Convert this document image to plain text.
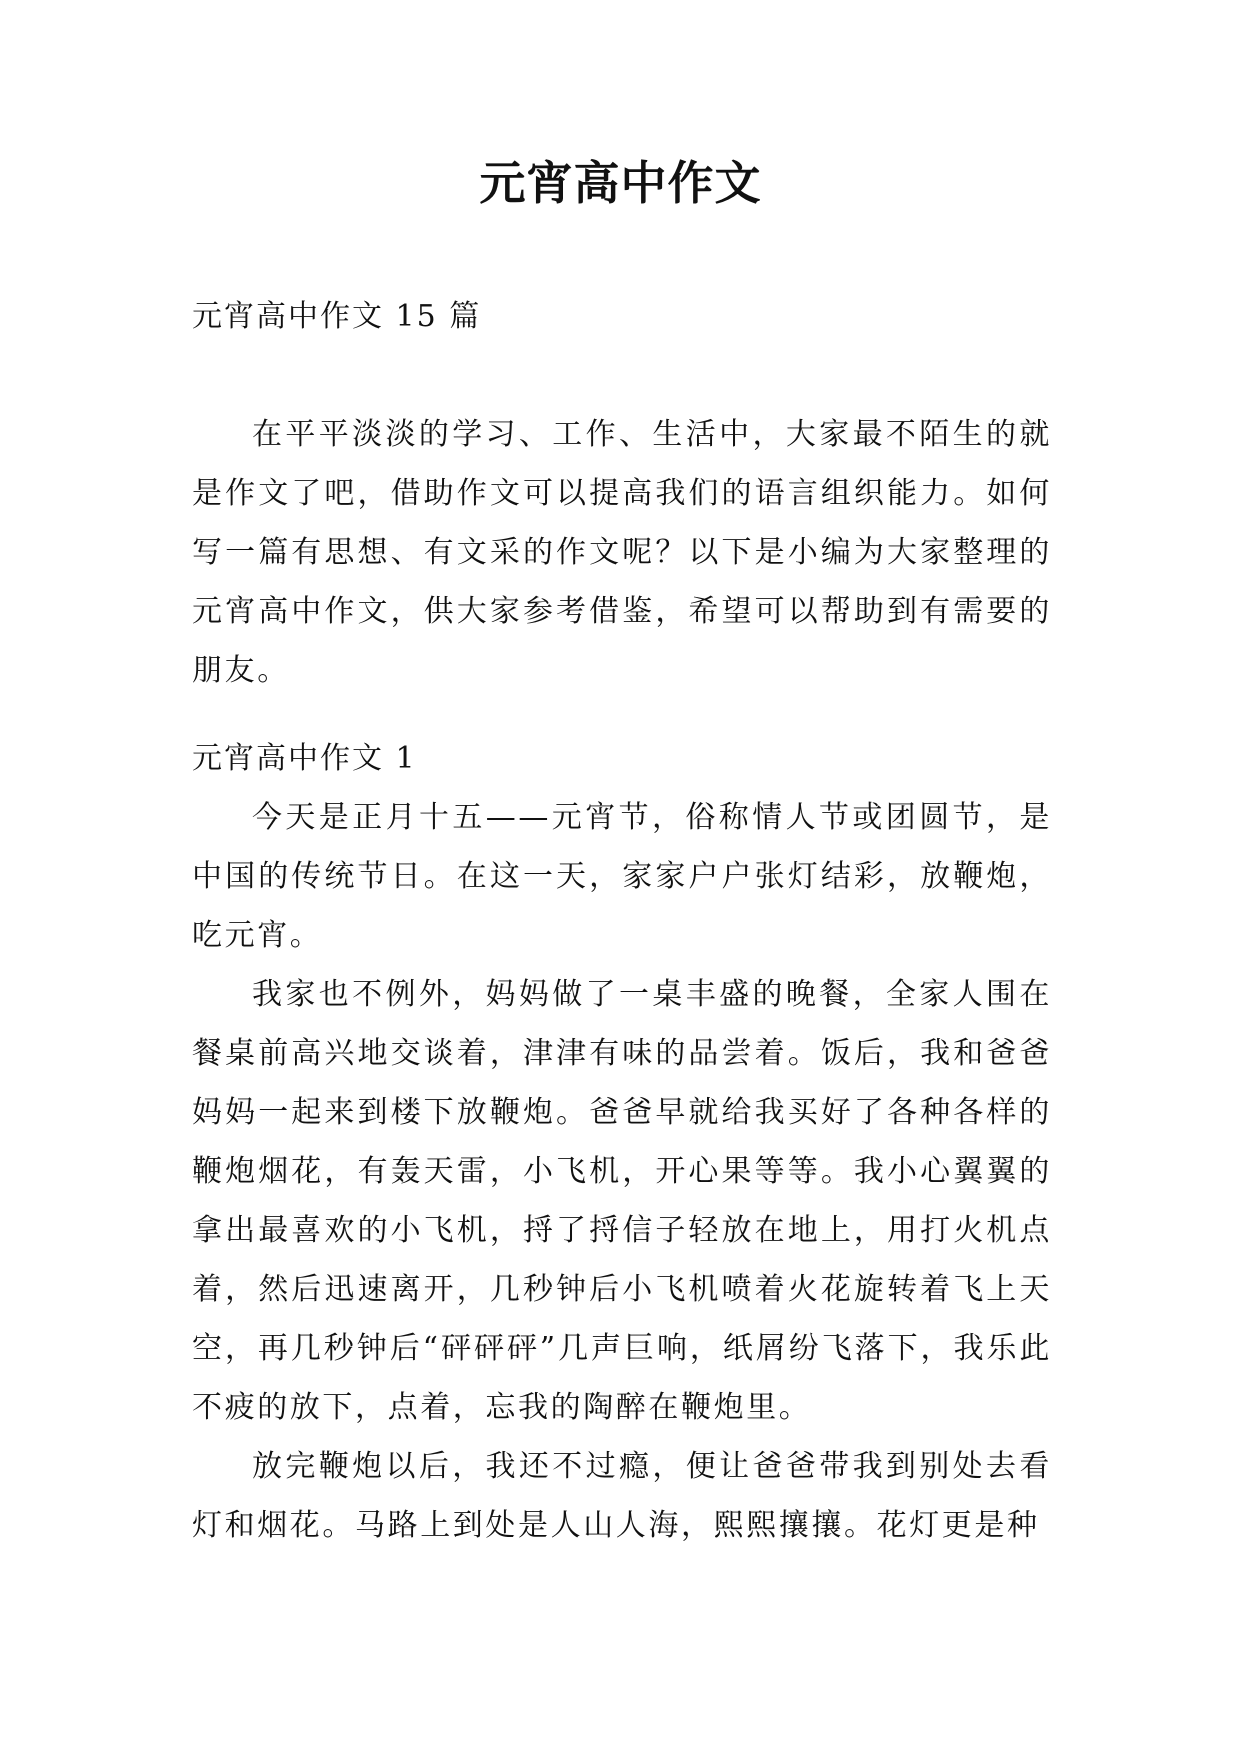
元宵高中作文

元宵高中作文 15 篇

在平平淡淡的学习、工作、生活中，大家最不陌生的就是作文了吧，借助作文可以提高我们的语言组织能力。如何写一篇有思想、有文采的作文呢？以下是小编为大家整理的元宵高中作文，供大家参考借鉴，希望可以帮助到有需要的朋友。

元宵高中作文 1

今天是正月十五——元宵节，俗称情人节或团圆节，是中国的传统节日。在这一天，家家户户张灯结彩，放鞭炮，吃元宵。

我家也不例外，妈妈做了一桌丰盛的晚餐，全家人围在餐桌前高兴地交谈着，津津有味的品尝着。饭后，我和爸爸妈妈一起来到楼下放鞭炮。爸爸早就给我买好了各种各样的鞭炮烟花，有轰天雷，小飞机，开心果等等。我小心翼翼的拿出最喜欢的小飞机，捋了捋信子轻放在地上，用打火机点着，然后迅速离开，几秒钟后小飞机喷着火花旋转着飞上天空，再几秒钟后“砰砰砰”几声巨响，纸屑纷飞落下，我乐此不疲的放下，点着，忘我的陶醉在鞭炮里。

放完鞭炮以后，我还不过瘾，便让爸爸带我到别处去看灯和烟花。马路上到处是人山人海，熙熙攘攘。花灯更是种
